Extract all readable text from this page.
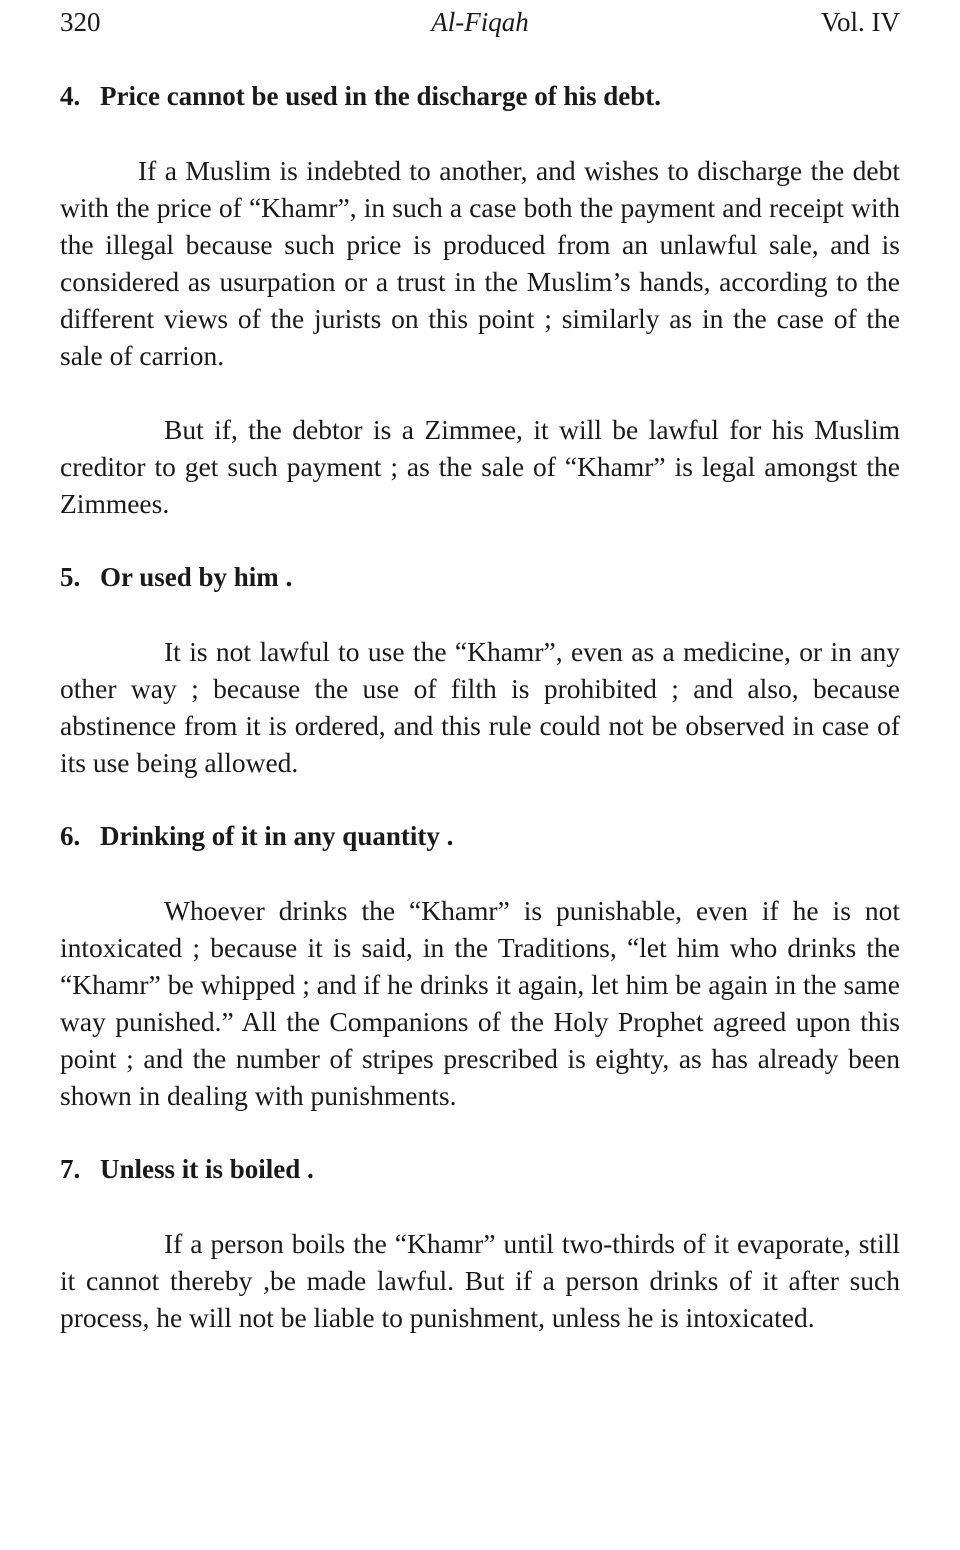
320	Al-Fiqah	Vol. IV
4. Price cannot be used in the discharge of his debt.

If a Muslim is indebted to another, and wishes to discharge the debt with the price of “Khamr”, in such a case both the payment and receipt with the illegal because such price is produced from an unlawful sale, and is considered as usurpation or a trust in the Muslim’s hands, according to the different views of the jurists on this point ; similarly as in the case of the sale of carrion.

But if, the debtor is a Zimmee, it will be lawful for his Muslim creditor to get such payment ; as the sale of “Khamr” is legal amongst the Zimmees.

5. Or used by him .

It is not lawful to use the “Khamr”, even as a medicine, or in any other way ; because the use of filth is prohibited ; and also, because abstinence from it is ordered, and this rule could not be observed in case of its use being allowed.

6. Drinking of it in any quantity .

Whoever drinks the “Khamr” is punishable, even if he is not intoxicated ; because it is said, in the Traditions, “let him who drinks the “Khamr” be whipped ; and if he drinks it again, let him be again in the same way punished.” All the Companions of the Holy Prophet agreed upon this point ; and the number of stripes prescribed is eighty, as has already been shown in dealing with punishments.

7. Unless it is boiled .

If a person boils the “Khamr” until two-thirds of it evaporate, still it cannot thereby ,be made lawful. But if a person drinks of it after such process, he will not be liable to punishment, unless he is intoxicated.
